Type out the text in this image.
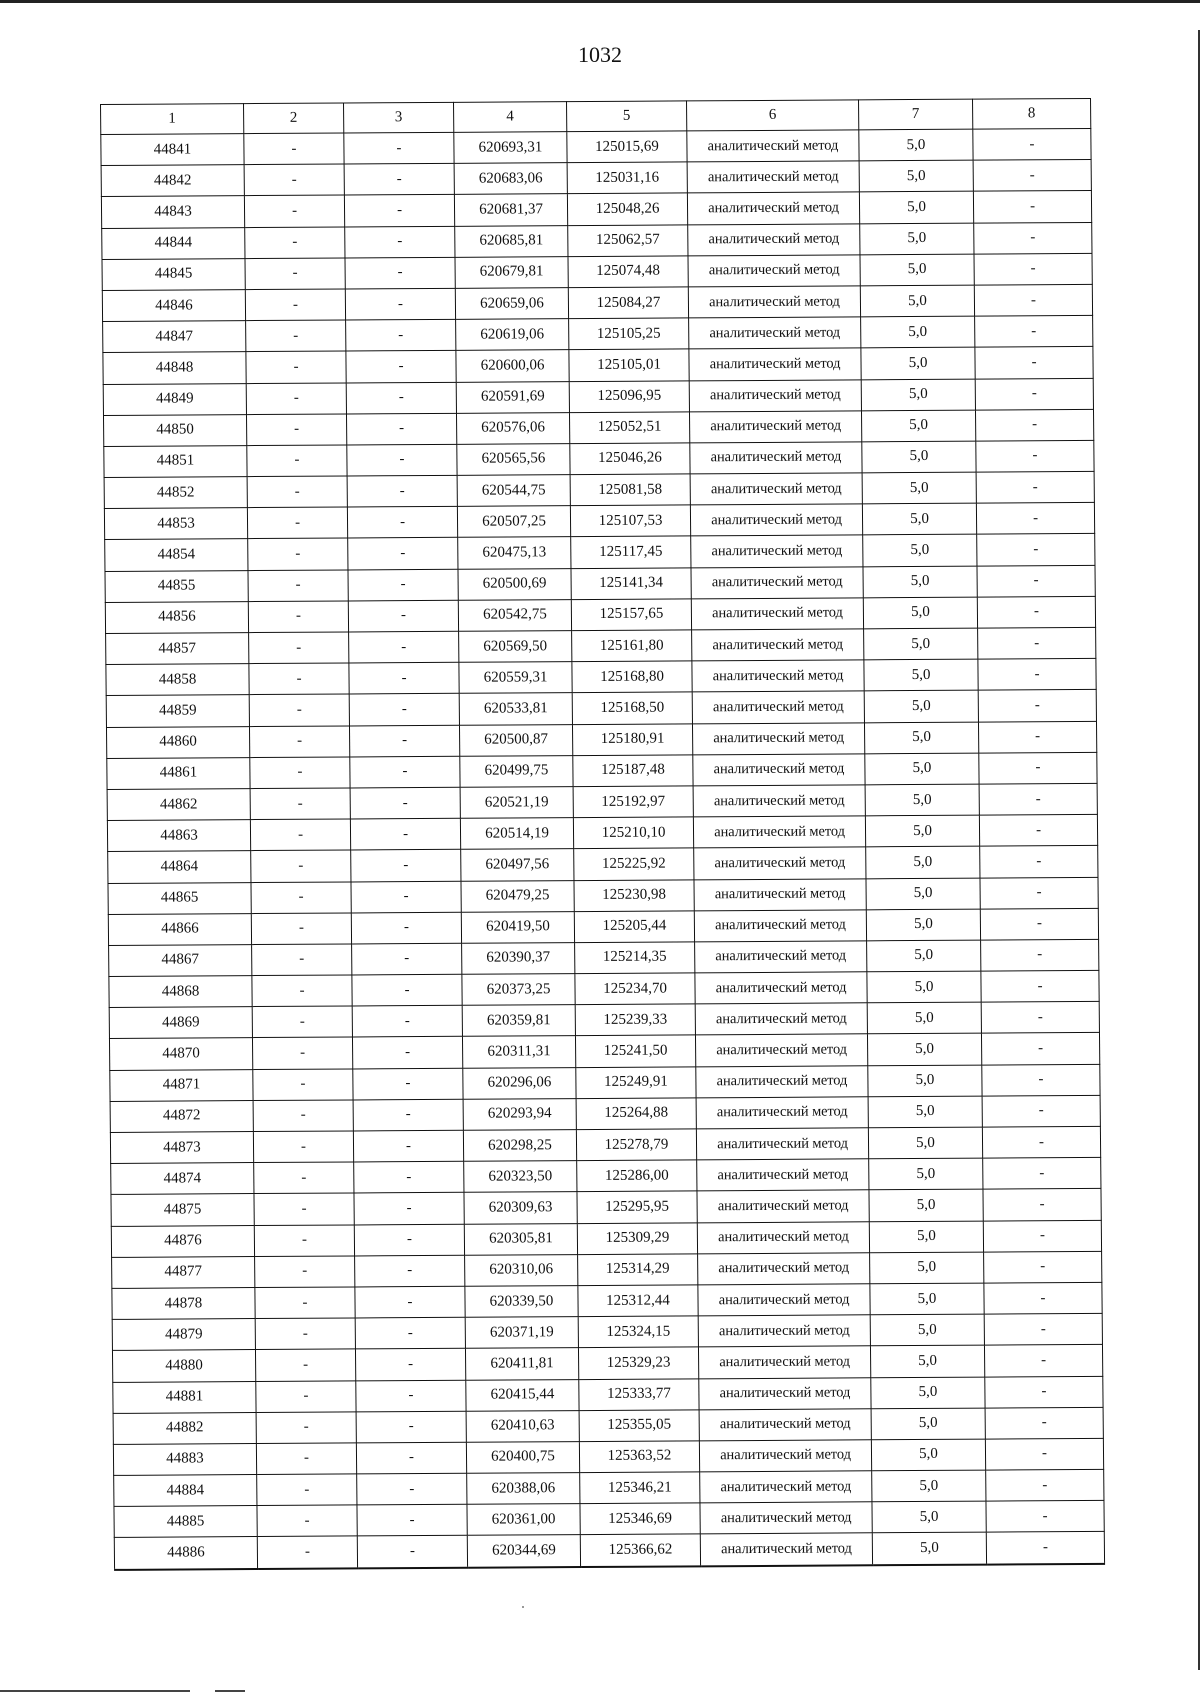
1032
1	2	3	4	5	6	7	8
44841	-	-	620693,31	125015,69	аналитический метод	5,0	-
44842	-	-	620683,06	125031,16	аналитический метод	5,0	-
44843	-	-	620681,37	125048,26	аналитический метод	5,0	-
44844	-	-	620685,81	125062,57	аналитический метод	5,0	-
44845	-	-	620679,81	125074,48	аналитический метод	5,0	-
44846	-	-	620659,06	125084,27	аналитический метод	5,0	-
44847	-	-	620619,06	125105,25	аналитический метод	5,0	-
44848	-	-	620600,06	125105,01	аналитический метод	5,0	-
44849	-	-	620591,69	125096,95	аналитический метод	5,0	-
44850	-	-	620576,06	125052,51	аналитический метод	5,0	-
44851	-	-	620565,56	125046,26	аналитический метод	5,0	-
44852	-	-	620544,75	125081,58	аналитический метод	5,0	-
44853	-	-	620507,25	125107,53	аналитический метод	5,0	-
44854	-	-	620475,13	125117,45	аналитический метод	5,0	-
44855	-	-	620500,69	125141,34	аналитический метод	5,0	-
44856	-	-	620542,75	125157,65	аналитический метод	5,0	-
44857	-	-	620569,50	125161,80	аналитический метод	5,0	-
44858	-	-	620559,31	125168,80	аналитический метод	5,0	-
44859	-	-	620533,81	125168,50	аналитический метод	5,0	-
44860	-	-	620500,87	125180,91	аналитический метод	5,0	-
44861	-	-	620499,75	125187,48	аналитический метод	5,0	-
44862	-	-	620521,19	125192,97	аналитический метод	5,0	-
44863	-	-	620514,19	125210,10	аналитический метод	5,0	-
44864	-	-	620497,56	125225,92	аналитический метод	5,0	-
44865	-	-	620479,25	125230,98	аналитический метод	5,0	-
44866	-	-	620419,50	125205,44	аналитический метод	5,0	-
44867	-	-	620390,37	125214,35	аналитический метод	5,0	-
44868	-	-	620373,25	125234,70	аналитический метод	5,0	-
44869	-	-	620359,81	125239,33	аналитический метод	5,0	-
44870	-	-	620311,31	125241,50	аналитический метод	5,0	-
44871	-	-	620296,06	125249,91	аналитический метод	5,0	-
44872	-	-	620293,94	125264,88	аналитический метод	5,0	-
44873	-	-	620298,25	125278,79	аналитический метод	5,0	-
44874	-	-	620323,50	125286,00	аналитический метод	5,0	-
44875	-	-	620309,63	125295,95	аналитический метод	5,0	-
44876	-	-	620305,81	125309,29	аналитический метод	5,0	-
44877	-	-	620310,06	125314,29	аналитический метод	5,0	-
44878	-	-	620339,50	125312,44	аналитический метод	5,0	-
44879	-	-	620371,19	125324,15	аналитический метод	5,0	-
44880	-	-	620411,81	125329,23	аналитический метод	5,0	-
44881	-	-	620415,44	125333,77	аналитический метод	5,0	-
44882	-	-	620410,63	125355,05	аналитический метод	5,0	-
44883	-	-	620400,75	125363,52	аналитический метод	5,0	-
44884	-	-	620388,06	125346,21	аналитический метод	5,0	-
44885	-	-	620361,00	125346,69	аналитический метод	5,0	-
44886	-	-	620344,69	125366,62	аналитический метод	5,0	-
